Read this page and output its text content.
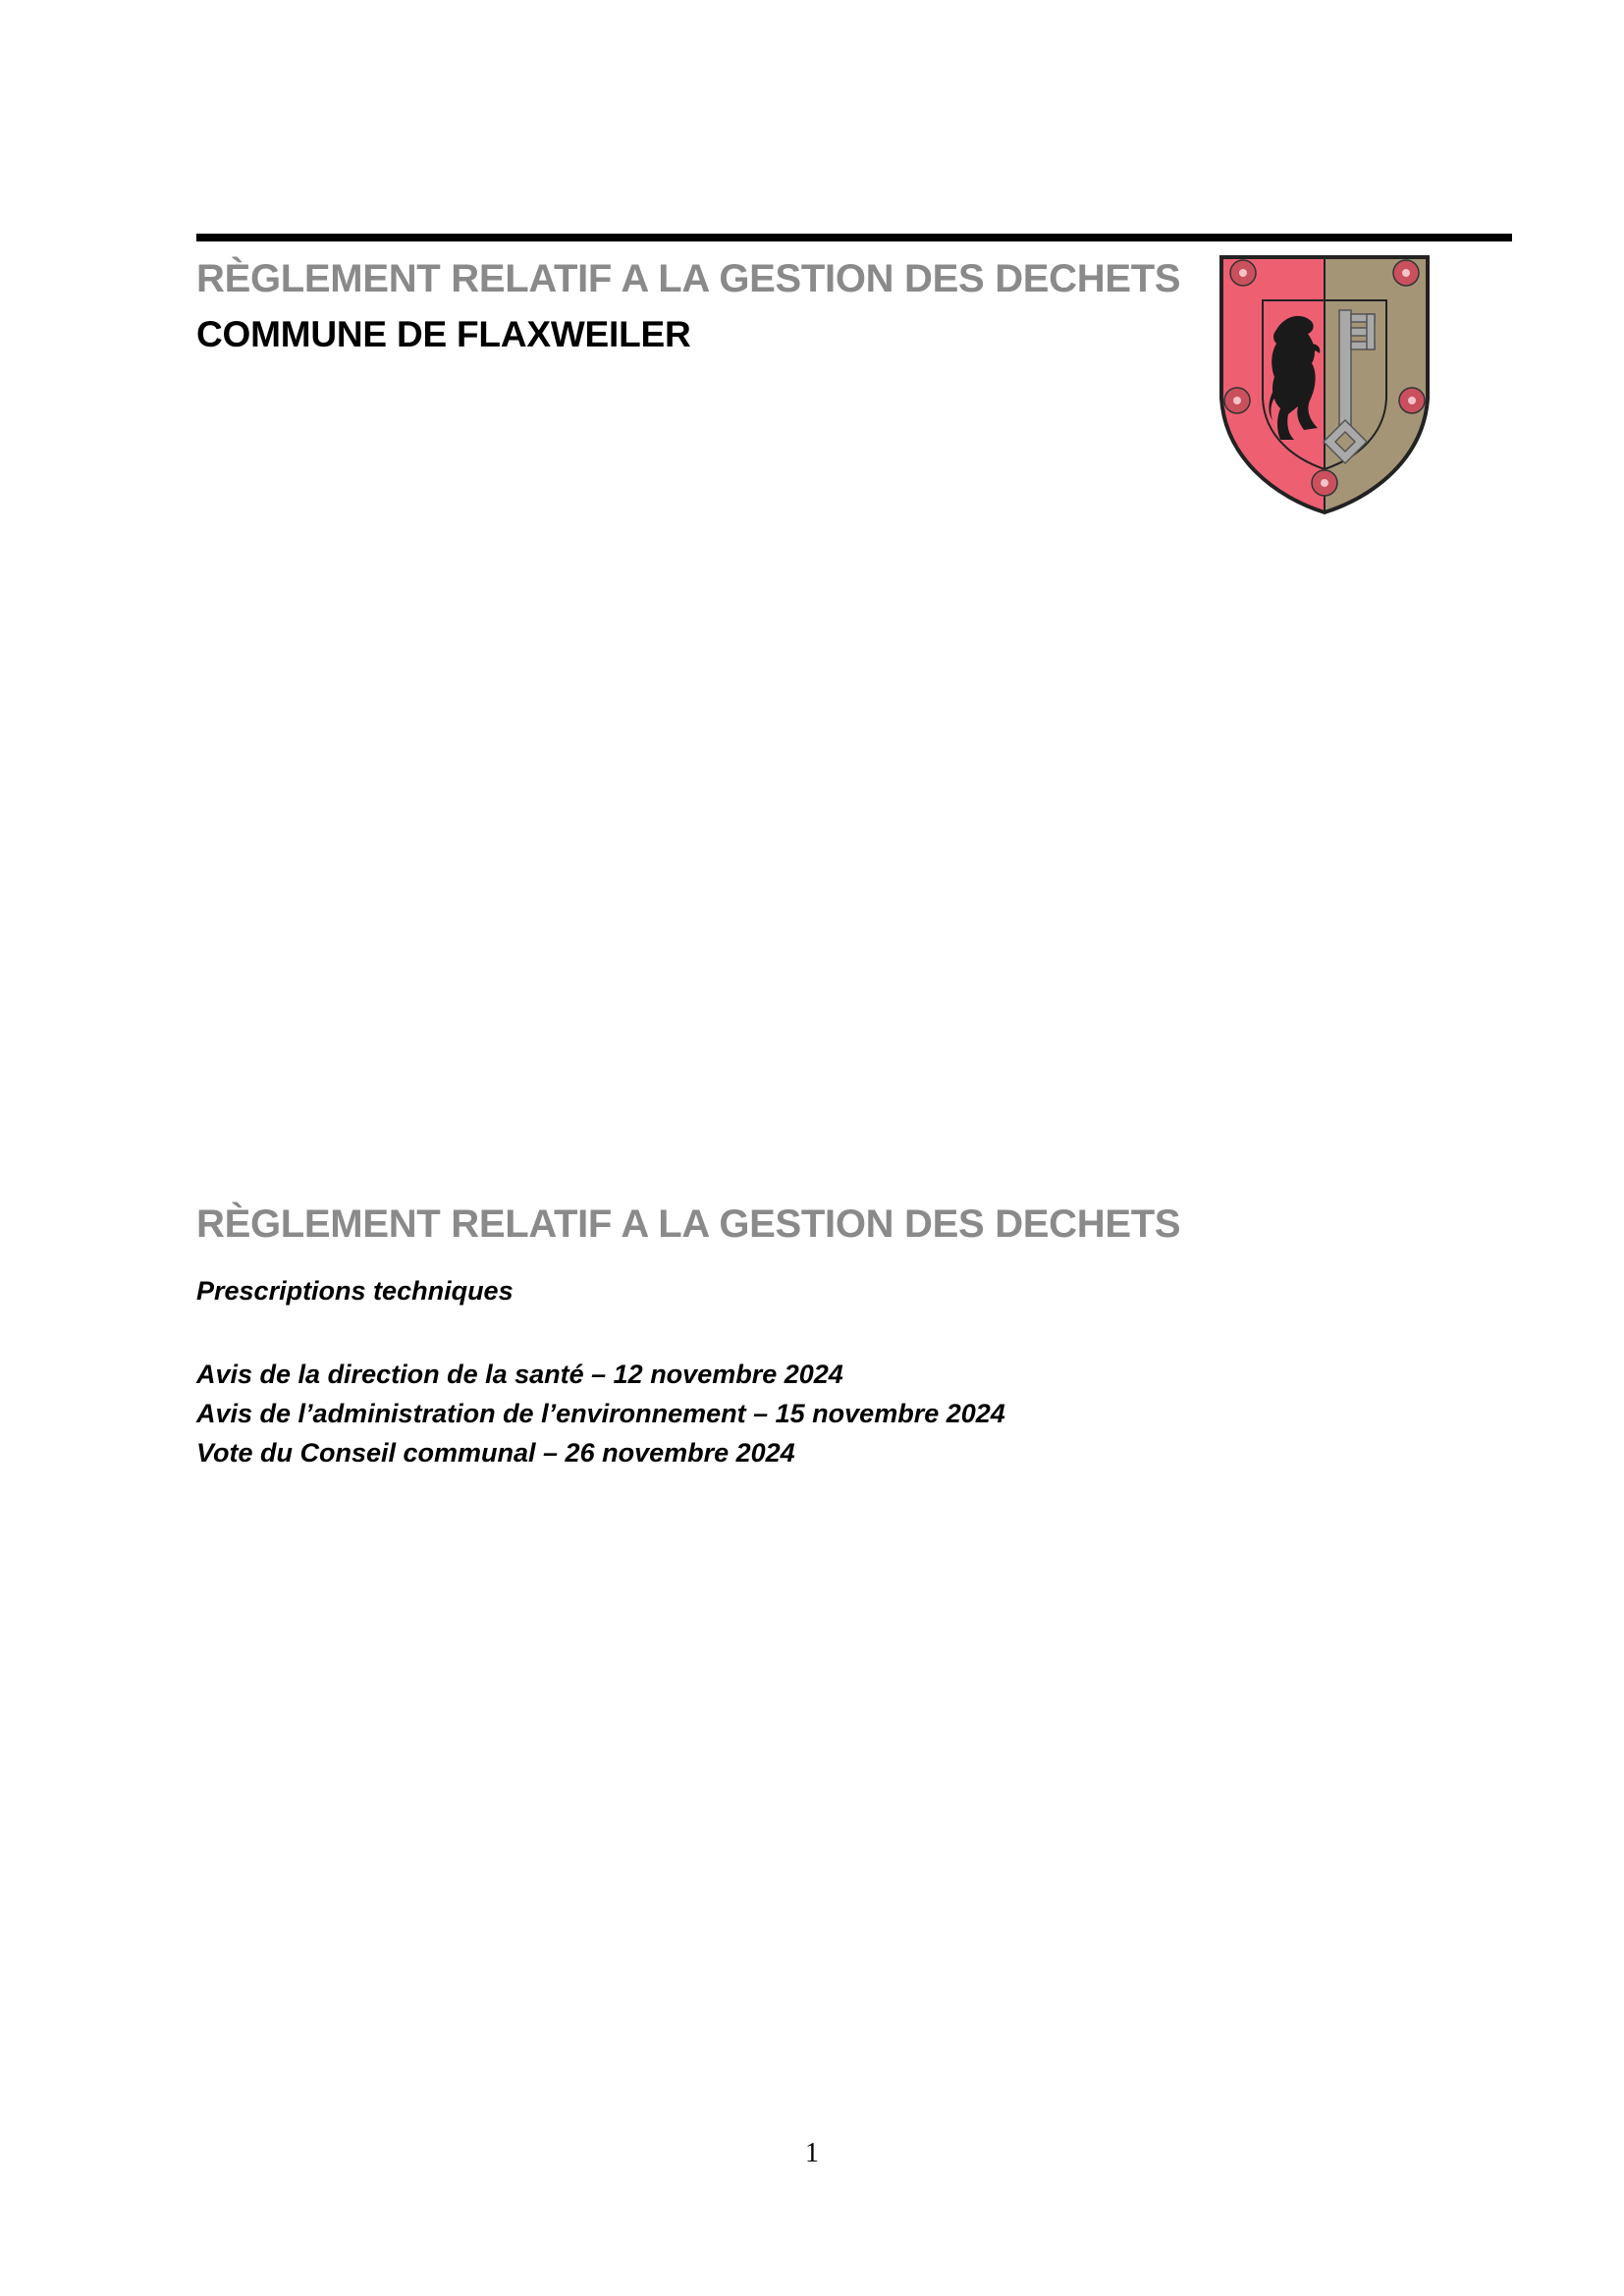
RÈGLEMENT RELATIF A LA GESTION DES DECHETS
COMMUNE DE FLAXWEILER
RÈGLEMENT RELATIF A LA GESTION DES DECHETS
Prescriptions techniques
Avis de la direction de la santé – 12 novembre 2024
Avis de l’administration de l’environnement – 15 novembre 2024
Vote du Conseil communal – 26 novembre 2024
1
